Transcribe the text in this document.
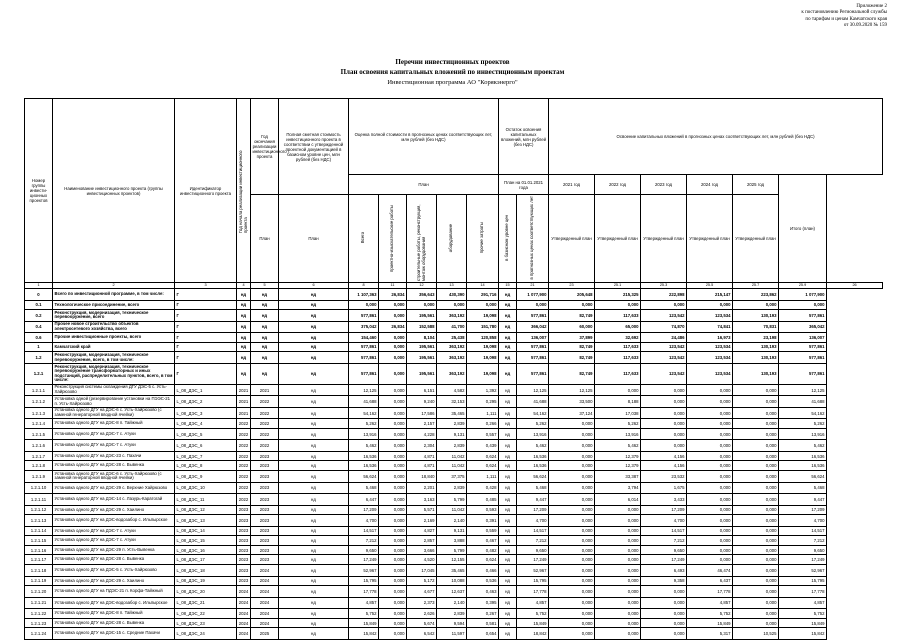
Приложение 2
к постановлению Региональной службы
по тарифам и ценам Камчатского края
от 30.09.2020 № 159
Перечни инвестиционных проектов
План освоения капитальных вложений по инвестиционным проектам
Инвестиционная программа АО "Корякэнерго"
Номер группы инвести-ционных проектов	Наименование инвестиционного проекта (группы инвестиционных проектов)	Идентификатор инвестиционного проекта	Год начала реализации инвестиционного проекта	Год окончания реализации инвестиционного проекта	Полная сметная стоимость инвестиционного проекта в соответствии с утвержденной проектной документацией в базисном уровне цен, млн рублей (без НДС)	Оценка полной стоимости в прогнозных ценах соответствующих лет, млн рублей (без НДС)					Остаток освоения капитальных вложений, млн рублей (без НДС)		Освоение капитальных вложений в прогнозных ценах соответствующих лет, млн рублей (без НДС)						
						План					План на 01.01.2021 года		2021 год	2022 год	2023 год	2024 год	2025 год	Итого (план)	
				План	План	Всего	проектно-изыскательские работы	строительные работы, реконструкция, монтаж оборудования	оборудование	прочие затраты	в базисном уровне цен	в прогнозных ценах соответствующих лет	Утвержденный план	Утвержденный план	Утвержденный план	Утвержденный план	Утвержденный план		
1	2	3	4	5	6	8	11	12	13	14	15	21	23	25.1	25.3	25.5	25.7	25.9	26
0	Всего по инвестиционной программе, в том числе:	Г	нд	нд	нд	1 107,363	26,834	356,643	430,390	291,716	нд	1 077,900	205,648	215,325	222,898	215,147	223,862	1 077,900	
0.1	Технологическое присоединение, всего	Г	нд	нд	нд	0,000	0,000	0,000	0,000	0,000	нд	0,000	0,000	0,000	0,000	0,000	0,000	0,000	
0.2	Реконструкция, модернизация, техническое перевооружение, всего	Г	нд	нд	нд	577,861	0,000	195,561	363,192	19,098	нд	577,861	82,749	117,633	123,542	123,534	130,193	577,861	
0.4	Прочее новое строительство объектов электросетевого хозяйства, всего	Г	нд	нд	нд	375,042	26,834	152,588	41,700	151,780	нд	366,042	60,000	65,000	74,870	74,841	70,831	365,042	
0.6	Прочие инвестиционные проекты, всего	Г	нд	нд	нд	154,460	0,000	8,104	25,438	120,858	нд	136,007	37,899	32,692	24,486	16,973	23,198	136,007	
1	Камчатский край	Г	нд	нд	нд	577,861	0,000	195,561	363,192	19,098	нд	577,861	82,749	117,633	123,542	123,534	130,193	577,861	
1.2	Реконструкция, модернизация, техническое перевооружение, всего, в том числе:	Г	нд	нд	нд	577,861	0,000	195,561	363,192	19,098	нд	577,861	82,749	117,633	123,542	123,534	130,193	577,861	
1.2.1	Реконструкция, модернизация, техническое перевооружение трансформаторных и иных подстанций, распределительных пунктов, всего, в том числе:	Г	нд	нд	нд	577,861	0,000	195,561	363,192	19,098	нд	577,861	82,749	117,633	123,542	123,534	130,193	577,861	
1.2.1.1	Реконструкция системы охлаждения ДГУ ДЭС-5 с. Усть-Хайрюзово	L_08_ДЭС_1	2021	2021	нд	12,125	0,000	6,151	4,582	1,392	нд	12,125	12,125	0,000	0,000	0,000	0,000	12,125	
1.2.1.2	Установка одной (резервирование установки на ПЭЭС-21 п. Усть-Хайрюзово	L_08_ДЭС_2	2021	2022	нд	41,688	0,000	9,240	32,153	0,295	нд	41,688	33,500	8,188	0,000	0,000	0,000	41,688	
1.2.1.3	Установка одного ДГУ на ДЭС-6 с. Усть-Хайрюзово (с заменой генераторной вводной ячейки)	L_08_ДЭС_3	2021	2022	нд	54,162	0,000	17,586	35,465	1,111	нд	54,162	37,124	17,038	0,000	0,000	0,000	54,162	
1.2.1.4	Установка одного ДГУ на ДЭС-8 п. Тайжный	L_08_ДЭС_4	2022	2022	нд	5,262	0,000	2,157	2,839	0,266	нд	5,262	0,000	5,262	0,000	0,000	0,000	5,262	
1.2.1.5	Установка одного ДГУ на ДЭС-7 с. Атуки	L_08_ДЭС_5	2022	2022	нд	13,916	0,000	4,228	9,131	0,557	нд	13,916	0,000	13,916	0,000	0,000	0,000	13,916	
1.2.1.6	Установка одного ДГУ на ДЭС-7 с. Атуки	L_08_ДЭС_6	2022	2022	нд	5,462	0,000	2,304	2,839	0,439	нд	5,462	0,000	5,462	0,000	0,000	0,000	5,462	
1.2.1.7	Установка одного ДГУ на ДЭС-23 с. Пахачи	L_08_ДЭС_7	2022	2023	нд	16,536	0,000	4,871	11,042	0,624	нд	16,536	0,000	12,379	4,156	0,000	0,000	16,536	
1.2.1.8	Установка одного ДГУ на ДЭС-28 с. Вывенка	L_08_ДЭС_8	2022	2023	нд	16,536	0,000	4,871	11,042	0,624	нд	16,536	0,000	12,379	4,156	0,000	0,000	16,536	
1.2.1.9	Установка одного ДГУ на ДЭС-6 с. Усть-Хайрюзово (с заменой генераторной вводной ячейки)	L_08_ДЭС_9	2022	2023	нд	56,624	0,000	18,840	37,375	1,111	нд	56,624	0,000	33,387	23,532	0,000	0,000	56,624	
1.2.1.10	Установка одного ДГУ на ДЭС-29 с. Верхние Хайрюзово	L_08_ДЭС_10	2022	2023	нд	5,468	0,000	2,201	2,839	0,428	нд	5,468	0,000	3,794	1,675	0,000	0,000	5,468	
1.2.1.11	Установка одного ДГУ на ДЭС-14 с. Лазурь-Каратогай	L_08_ДЭС_11	2022	2023	нд	6,447	0,000	3,163	5,799	0,485	нд	9,447	0,000	6,014	3,433	0,000	0,000	9,447	
1.2.1.12	Установка одного ДГУ на ДЭС-29 с. Хаилино	L_08_ДЭС_12	2023	2023	нд	17,209	0,000	5,571	11,042	0,593	нд	17,209	0,000	0,000	17,209	0,000	0,000	17,209	
1.2.1.13	Установка одного ДГУ на ДЭС-водозабор с. Ильпырское	L_08_ДЭС_13	2023	2023	нд	4,700	0,000	2,169	2,140	0,391	нд	4,700	0,000	0,000	4,700	0,000	0,000	4,700	
1.2.1.14	Установка одного ДГУ на ДЭС-7 с. Атуки	L_08_ДЭС_14	2023	2023	нд	14,517	0,000	4,827	9,131	0,559	нд	14,517	0,000	0,000	14,517	0,000	0,000	14,517	
1.2.1.15	Установка одного ДГУ на ДЭС-7 с. Атуки	L_08_ДЭС_15	2023	2023	нд	7,212	0,000	2,857	3,888	0,467	нд	7,212	0,000	0,000	7,212	0,000	0,000	7,212	
1.2.1.16	Установка одного ДГУ на ДЭС-29 п. Усть-Вывенка	L_08_ДЭС_16	2023	2023	нд	9,650	0,000	3,666	5,799	0,482	нд	9,650	0,000	0,000	9,650	0,000	0,000	9,650	
1.2.1.17	Установка одного ДГУ на ДЭС-28 с. Вывенка	L_08_ДЭС_17	2023	2023	нд	17,249	0,000	4,520	12,155	0,624	нд	17,249	0,000	0,000	17,249	0,000	0,000	17,249	
1.2.1.18	Установка одного ДГУ на ДЭС-5 с. Усть-Хайрюзово	L_08_ДЭС_18	2023	2024	нд	52,967	0,000	17,045	35,465	0,466	нд	52,967	0,000	0,000	6,493	46,474	0,000	52,967	
1.2.1.19	Установка одного ДГУ на ДЭС-29 с. Хаилино	L_08_ДЭС_19	2023	2024	нд	15,795	0,000	5,172	10,088	0,536	нд	15,795	0,000	0,000	9,358	6,437	0,000	15,795	
1.2.1.20	Установка одного ДГУ на ПДЭС-21 п. Корфа-Тайжный	L_08_ДЭС_20	2024	2024	нд	17,778	0,000	4,677	12,637	0,463	нд	17,778	0,000	0,000	0,000	17,778	0,000	17,778	
1.2.1.21	Установка одного ДГУ на ДЭС-водозабор с. Ильпырское	L_08_ДЭС_21	2024	2024	нд	4,857	0,000	2,373	2,140	0,395	нд	4,857	0,000	0,000	0,000	4,857	0,000	4,857	
1.2.1.22	Установка одного ДГУ на ДЭС-8 п. Тайжный	L_08_ДЭС_22	2024	2024	нд	5,752	0,000	2,626	2,839	0,267	нд	5,752	0,000	0,000	0,000	5,752	0,000	5,752	
1.2.1.23	Установка одного ДГУ на ДЭС-28 с. Вывенка	L_08_ДЭС_23	2024	2024	нд	15,849	0,000	5,674	9,594	0,581	нд	15,849	0,000	0,000	0,000	15,849	0,000	15,849	
1.2.1.24	Установка одного ДГУ на ДЭС-15 с. Средние Пахачи	L_08_ДЭС_24	2024	2025	нд	15,842	0,000	6,542	11,597	0,654	нд	18,842	0,000	0,000	0,000	5,317	10,525	15,842	
